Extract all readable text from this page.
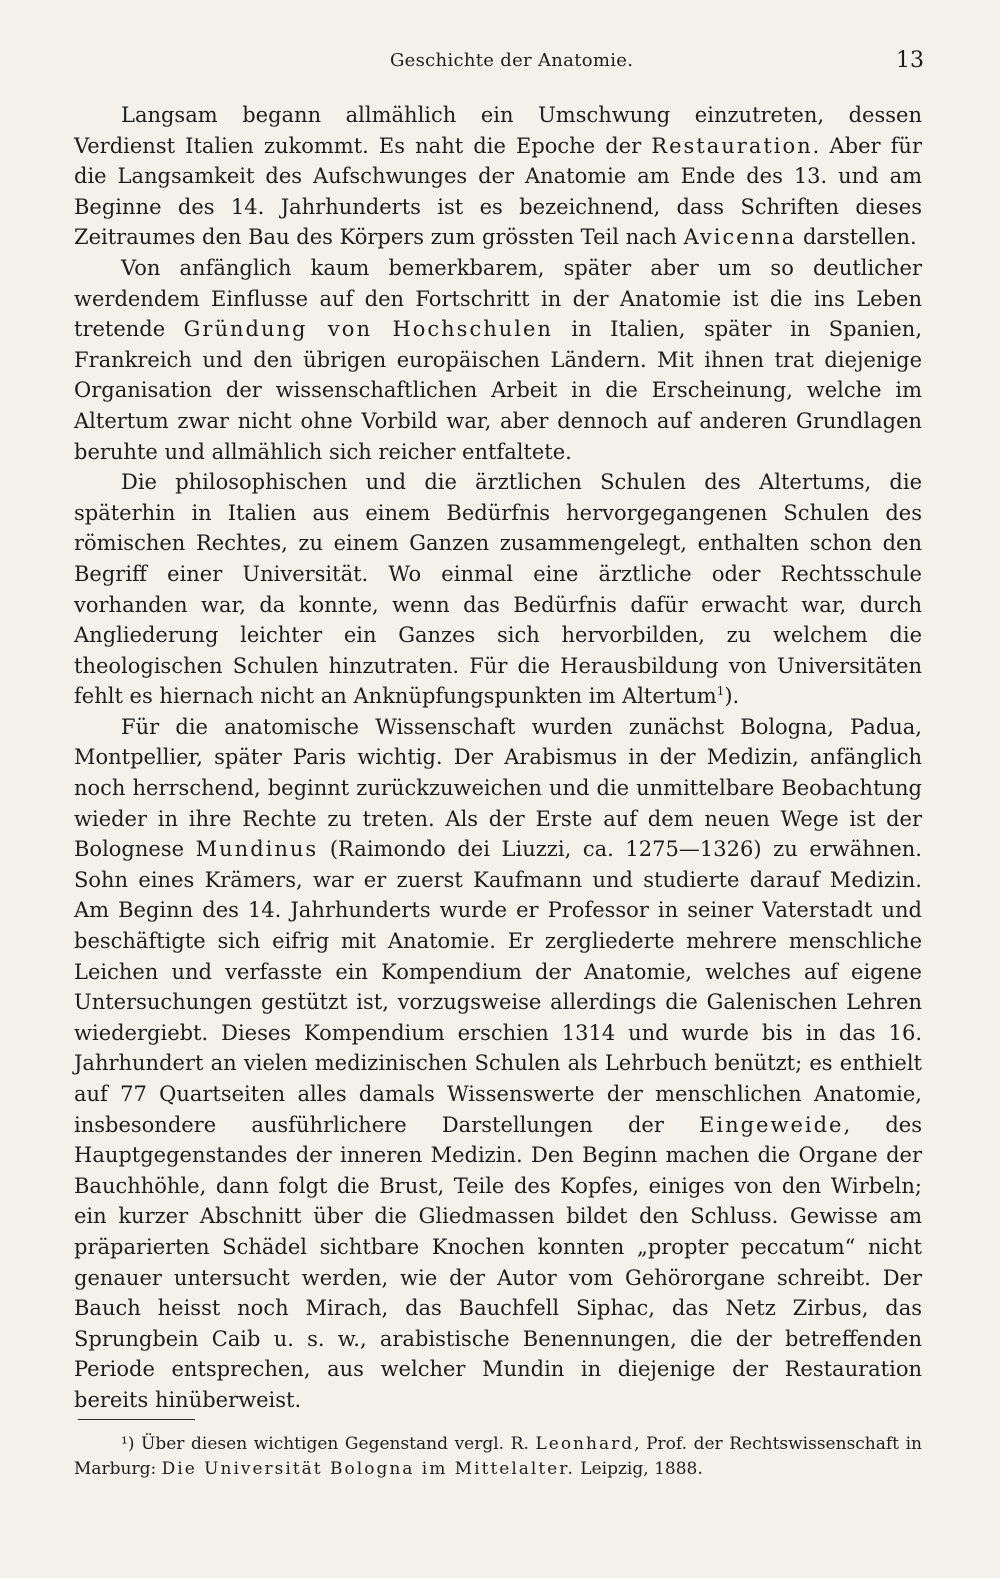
Geschichte der Anatomie.	13

Langsam begann allmählich ein Umschwung einzutreten, dessen Verdienst Italien zukommt. Es naht die Epoche der Restauration. Aber für die Langsamkeit des Aufschwunges der Anatomie am Ende des 13. und am Beginne des 14. Jahrhunderts ist es bezeichnend, dass Schriften dieses Zeitraumes den Bau des Körpers zum grössten Teil nach Avicenna darstellen.

Von anfänglich kaum bemerkbarem, später aber um so deutlicher werdendem Einflusse auf den Fortschritt in der Anatomie ist die ins Leben tretende Gründung von Hochschulen in Italien, später in Spanien, Frankreich und den übrigen europäischen Ländern. Mit ihnen trat diejenige Organisation der wissenschaftlichen Arbeit in die Erscheinung, welche im Altertum zwar nicht ohne Vorbild war, aber dennoch auf anderen Grundlagen beruhte und allmählich sich reicher entfaltete.

Die philosophischen und die ärztlichen Schulen des Altertums, die späterhin in Italien aus einem Bedürfnis hervorgegangenen Schulen des römischen Rechtes, zu einem Ganzen zusammengelegt, enthalten schon den Begriff einer Universität. Wo einmal eine ärztliche oder Rechtsschule vorhanden war, da konnte, wenn das Bedürfnis dafür erwacht war, durch Angliederung leichter ein Ganzes sich hervorbilden, zu welchem die theologischen Schulen hinzutraten. Für die Herausbildung von Universitäten fehlt es hiernach nicht an Anknüpfungspunkten im Altertum$^1$).

Für die anatomische Wissenschaft wurden zunächst Bologna, Padua, Montpellier, später Paris wichtig. Der Arabismus in der Medizin, anfänglich noch herrschend, beginnt zurückzuweichen und die unmittelbare Beobachtung wieder in ihre Rechte zu treten. Als der Erste auf dem neuen Wege ist der Bolognese Mundinus (Raimondo dei Liuzzi, ca. 1275—1326) zu erwähnen. Sohn eines Krämers, war er zuerst Kaufmann und studierte darauf Medizin. Am Beginn des 14. Jahrhunderts wurde er Professor in seiner Vaterstadt und beschäftigte sich eifrig mit Anatomie. Er zergliederte mehrere menschliche Leichen und verfasste ein Kompendium der Anatomie, welches auf eigene Untersuchungen gestützt ist, vorzugsweise allerdings die Galenischen Lehren wiedergiebt. Dieses Kompendium erschien 1314 und wurde bis in das 16. Jahrhundert an vielen medizinischen Schulen als Lehrbuch benützt; es enthielt auf 77 Quartseiten alles damals Wissenswerte der menschlichen Anatomie, insbesondere ausführlichere Darstellungen der Eingeweide, des Hauptgegenstandes der inneren Medizin. Den Beginn machen die Organe der Bauchhöhle, dann folgt die Brust, Teile des Kopfes, einiges von den Wirbeln; ein kurzer Abschnitt über die Gliedmassen bildet den Schluss. Gewisse am präparierten Schädel sichtbare Knochen konnten „propter peccatum“ nicht genauer untersucht werden, wie der Autor vom Gehörorgane schreibt. Der Bauch heisst noch Mirach, das Bauchfell Siphac, das Netz Zirbus, das Sprungbein Caib u. s. w., arabistische Benennungen, die der betreffenden Periode entsprechen, aus welcher Mundin in diejenige der Restauration bereits hinüberweist.

¹) Über diesen wichtigen Gegenstand vergl. R. Leonhard, Prof. der Rechtswissenschaft in Marburg: Die Universität Bologna im Mittelalter. Leipzig, 1888.
